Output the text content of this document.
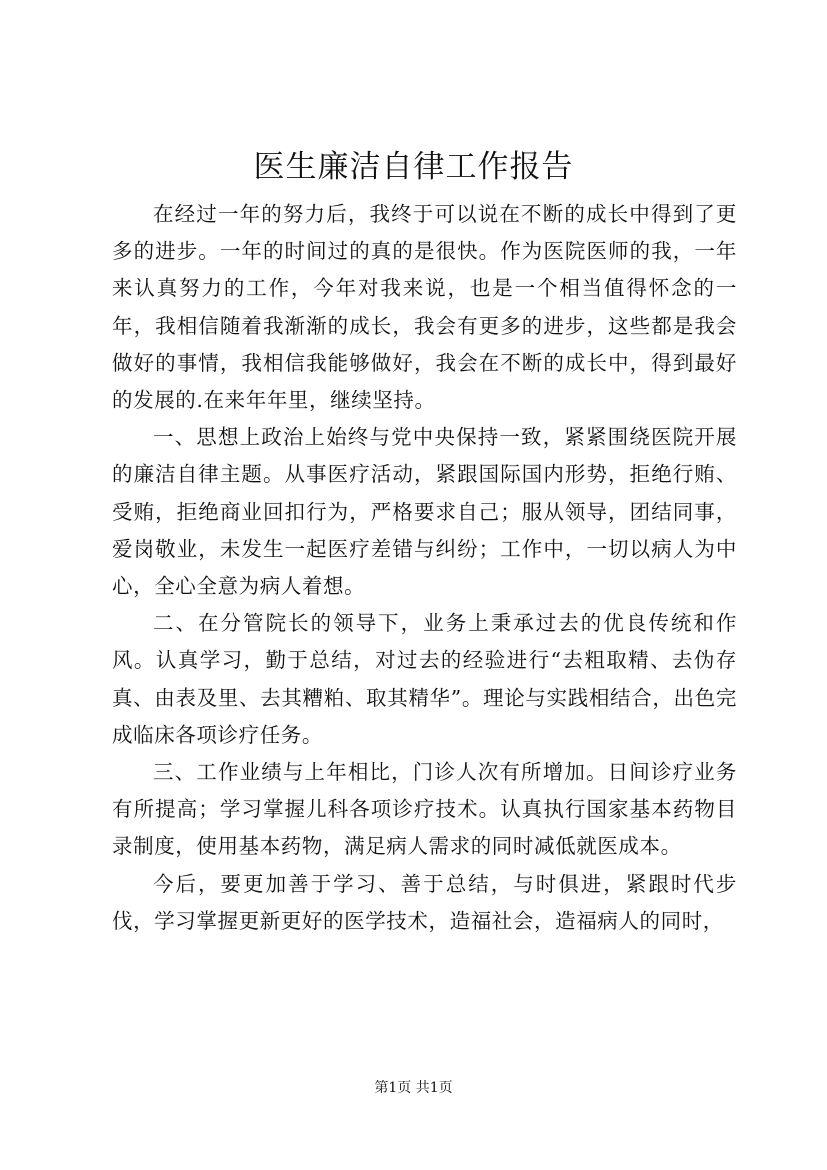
医生廉洁自律工作报告

在经过一年的努力后，我终于可以说在不断的成长中得到了更多的进步。一年的时间过的真的是很快。作为医院医师的我，一年来认真努力的工作，今年对我来说，也是一个相当值得怀念的一年，我相信随着我渐渐的成长，我会有更多的进步，这些都是我会做好的事情，我相信我能够做好，我会在不断的成长中，得到最好的发展的.在来年年里，继续坚持。

一、思想上政治上始终与党中央保持一致，紧紧围绕医院开展的廉洁自律主题。从事医疗活动，紧跟国际国内形势，拒绝行贿、受贿，拒绝商业回扣行为，严格要求自己；服从领导，团结同事，爱岗敬业，未发生一起医疗差错与纠纷；工作中，一切以病人为中心，全心全意为病人着想。

二、在分管院长的领导下，业务上秉承过去的优良传统和作风。认真学习，勤于总结，对过去的经验进行“去粗取精、去伪存真、由表及里、去其糟粕、取其精华”。理论与实践相结合，出色完成临床各项诊疗任务。

三、工作业绩与上年相比，门诊人次有所增加。日间诊疗业务有所提高；学习掌握儿科各项诊疗技术。认真执行国家基本药物目录制度，使用基本药物，满足病人需求的同时减低就医成本。

今后，要更加善于学习、善于总结，与时俱进，紧跟时代步伐，学习掌握更新更好的医学技术，造福社会，造福病人的同时，

第1页 共1页
